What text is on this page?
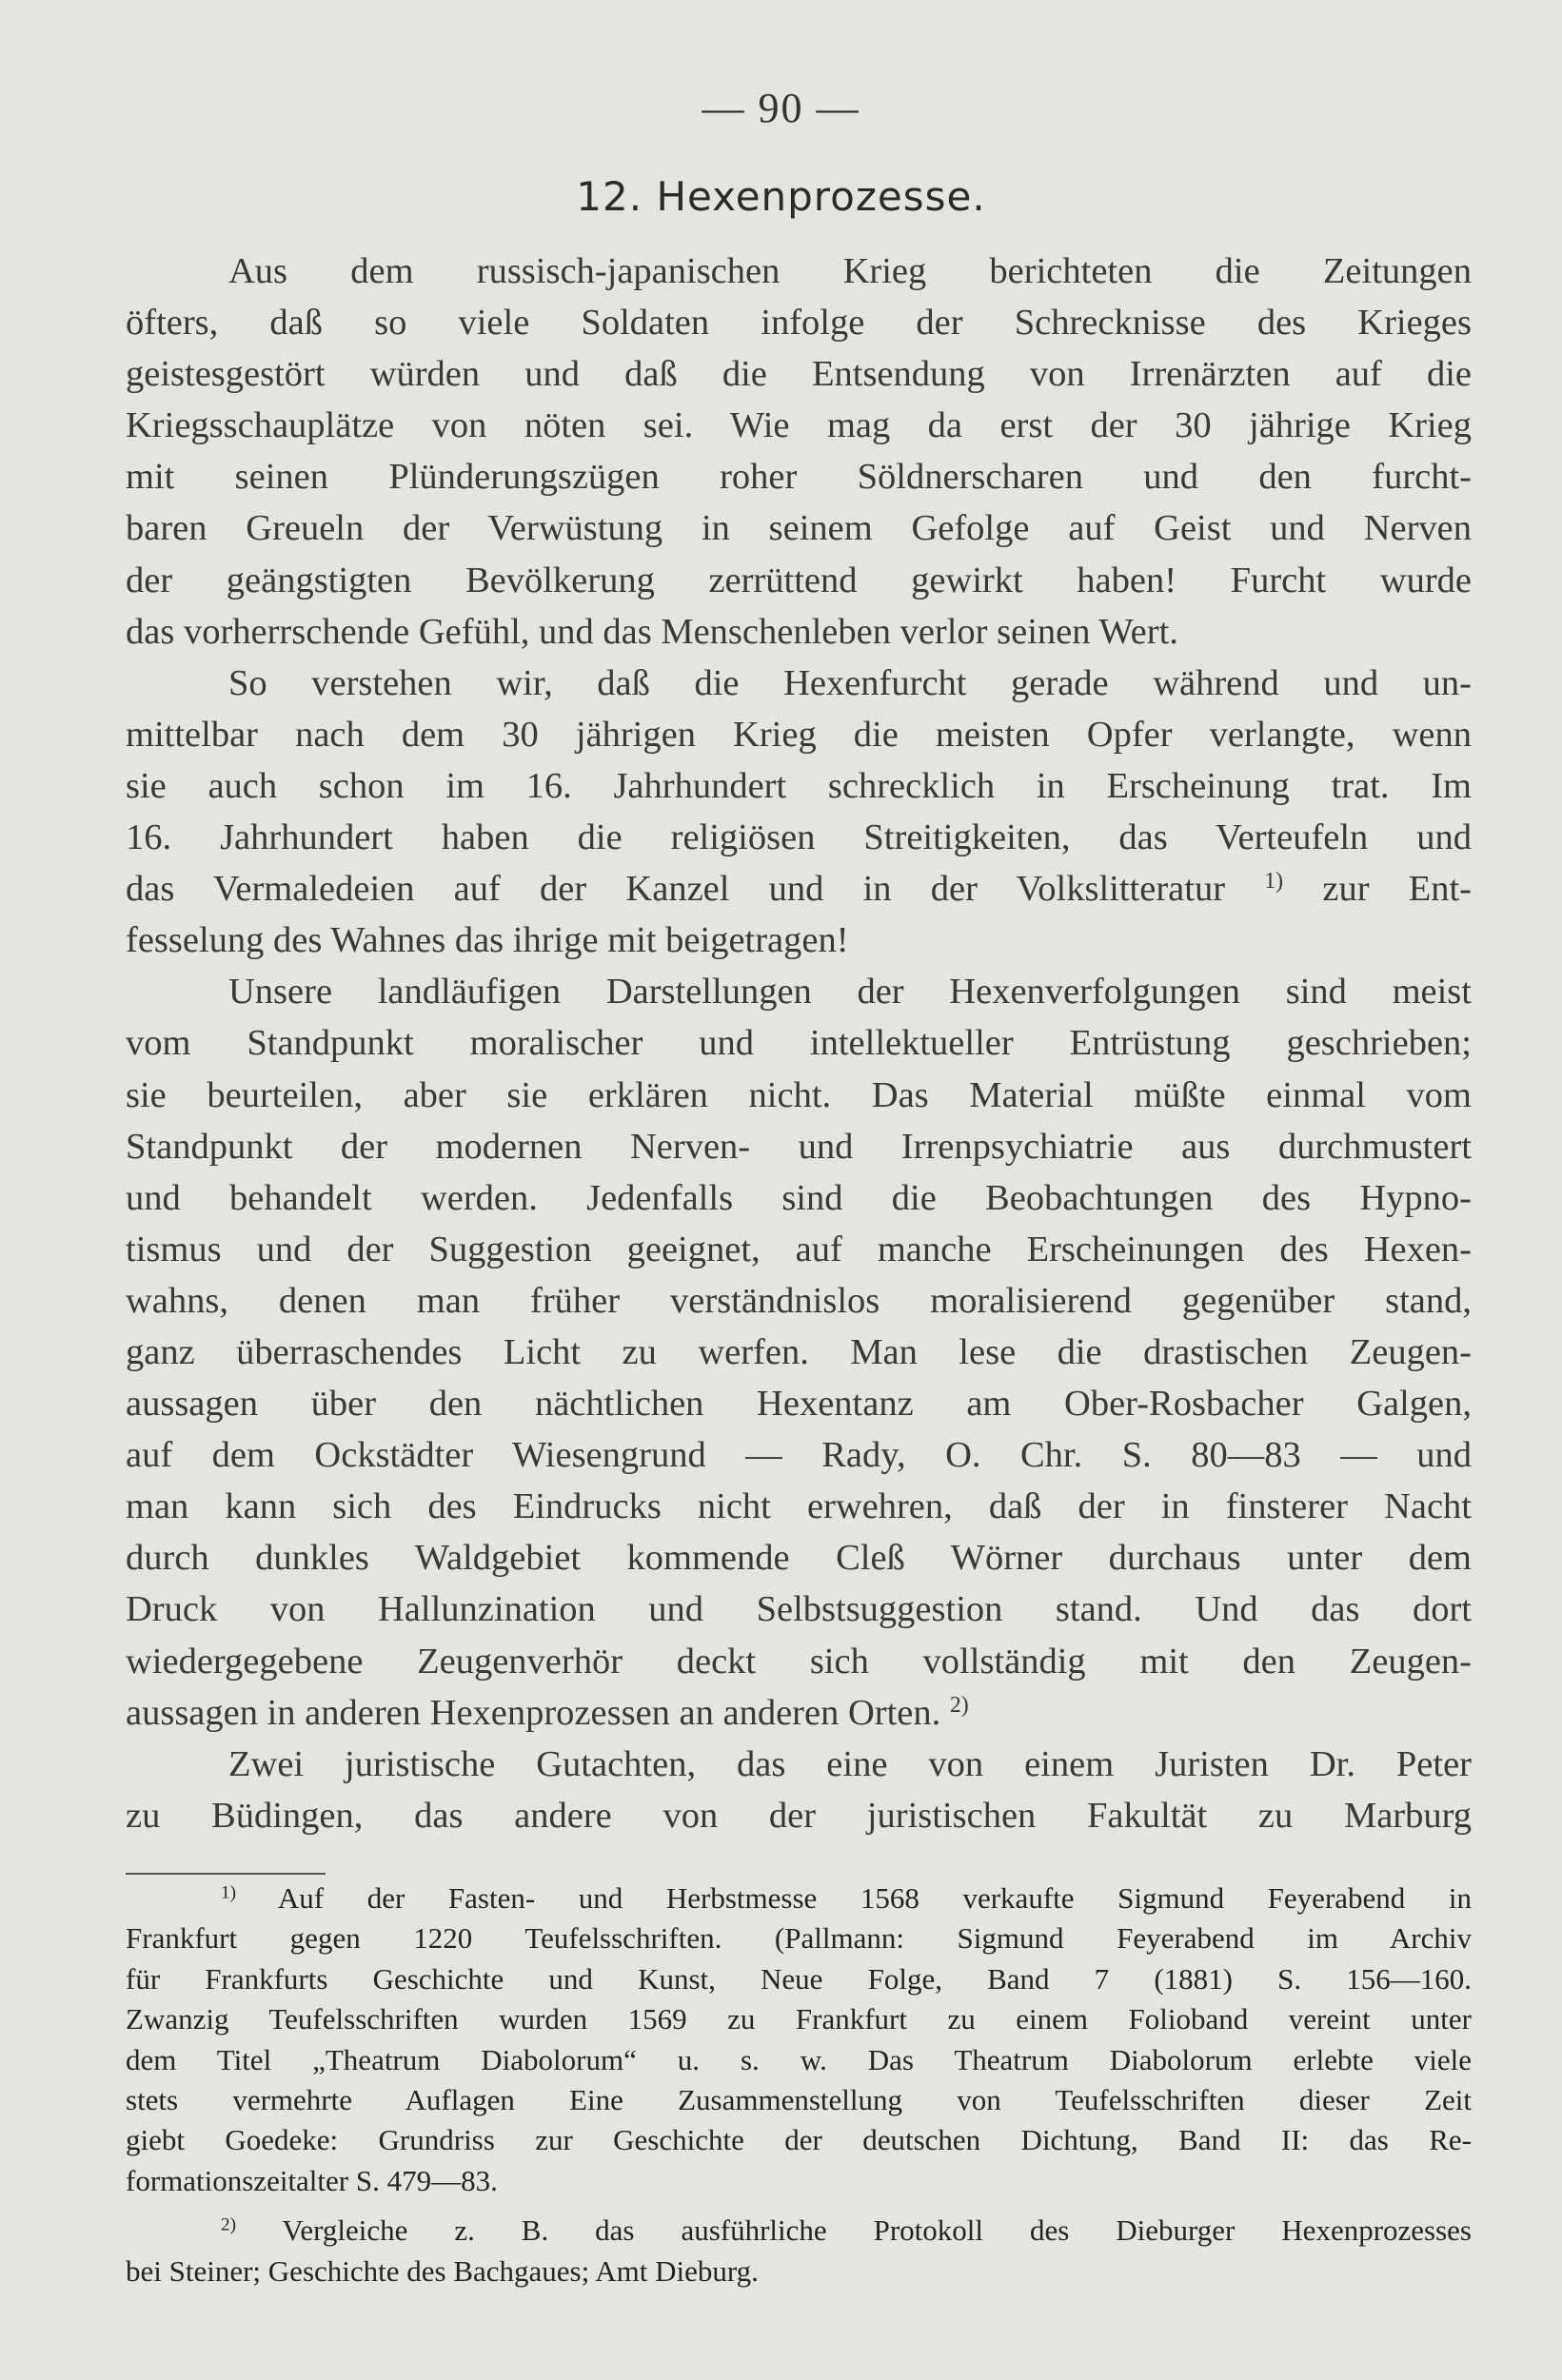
— 90 —
12. Hexenprozesse.
Aus dem russisch-japanischen Krieg berichteten die Zeitungen
öfters, daß so viele Soldaten infolge der Schrecknisse des Krieges
geistesgestört würden und daß die Entsendung von Irrenärzten auf die
Kriegsschauplätze von nöten sei. Wie mag da erst der 30 jährige Krieg
mit seinen Plünderungszügen roher Söldnerscharen und den furcht-
baren Greueln der Verwüstung in seinem Gefolge auf Geist und Nerven
der geängstigten Bevölkerung zerrüttend gewirkt haben! Furcht wurde
das vorherrschende Gefühl, und das Menschenleben verlor seinen Wert.
So verstehen wir, daß die Hexenfurcht gerade während und un-
mittelbar nach dem 30 jährigen Krieg die meisten Opfer verlangte, wenn
sie auch schon im 16. Jahrhundert schrecklich in Erscheinung trat. Im
16. Jahrhundert haben die religiösen Streitigkeiten, das Verteufeln und
das Vermaledeien auf der Kanzel und in der Volkslitteratur $^{1)}$ zur Ent-
fesselung des Wahnes das ihrige mit beigetragen!
Unsere landläufigen Darstellungen der Hexenverfolgungen sind meist
vom Standpunkt moralischer und intellektueller Entrüstung geschrieben;
sie beurteilen, aber sie erklären nicht. Das Material müßte einmal vom
Standpunkt der modernen Nerven- und Irrenpsychiatrie aus durchmustert
und behandelt werden. Jedenfalls sind die Beobachtungen des Hypno-
tismus und der Suggestion geeignet, auf manche Erscheinungen des Hexen-
wahns, denen man früher verständnislos moralisierend gegenüber stand,
ganz überraschendes Licht zu werfen. Man lese die drastischen Zeugen-
aussagen über den nächtlichen Hexentanz am Ober-Rosbacher Galgen,
auf dem Ockstädter Wiesengrund — Rady, O. Chr. S. 80—83 — und
man kann sich des Eindrucks nicht erwehren, daß der in finsterer Nacht
durch dunkles Waldgebiet kommende Cleß Wörner durchaus unter dem
Druck von Hallunzination und Selbstsuggestion stand. Und das dort
wiedergegebene Zeugenverhör deckt sich vollständig mit den Zeugen-
aussagen in anderen Hexenprozessen an anderen Orten. $^{2)}$
Zwei juristische Gutachten, das eine von einem Juristen Dr. Peter
zu Büdingen, das andere von der juristischen Fakultät zu Marburg
$^{1)}$ Auf der Fasten- und Herbstmesse 1568 verkaufte Sigmund Feyerabend in
Frankfurt gegen 1220 Teufelsschriften. (Pallmann: Sigmund Feyerabend im Archiv
für Frankfurts Geschichte und Kunst, Neue Folge, Band 7 (1881) S. 156—160.
Zwanzig Teufelsschriften wurden 1569 zu Frankfurt zu einem Folioband vereint unter
dem Titel „Theatrum Diabolorum“ u. s. w. Das Theatrum Diabolorum erlebte viele
stets vermehrte Auflagen Eine Zusammenstellung von Teufelsschriften dieser Zeit
giebt Goedeke: Grundriss zur Geschichte der deutschen Dichtung, Band II: das Re-
formationszeitalter S. 479—83.
$^{2)}$ Vergleiche z. B. das ausführliche Protokoll des Dieburger Hexenprozesses
bei Steiner; Geschichte des Bachgaues; Amt Dieburg.
